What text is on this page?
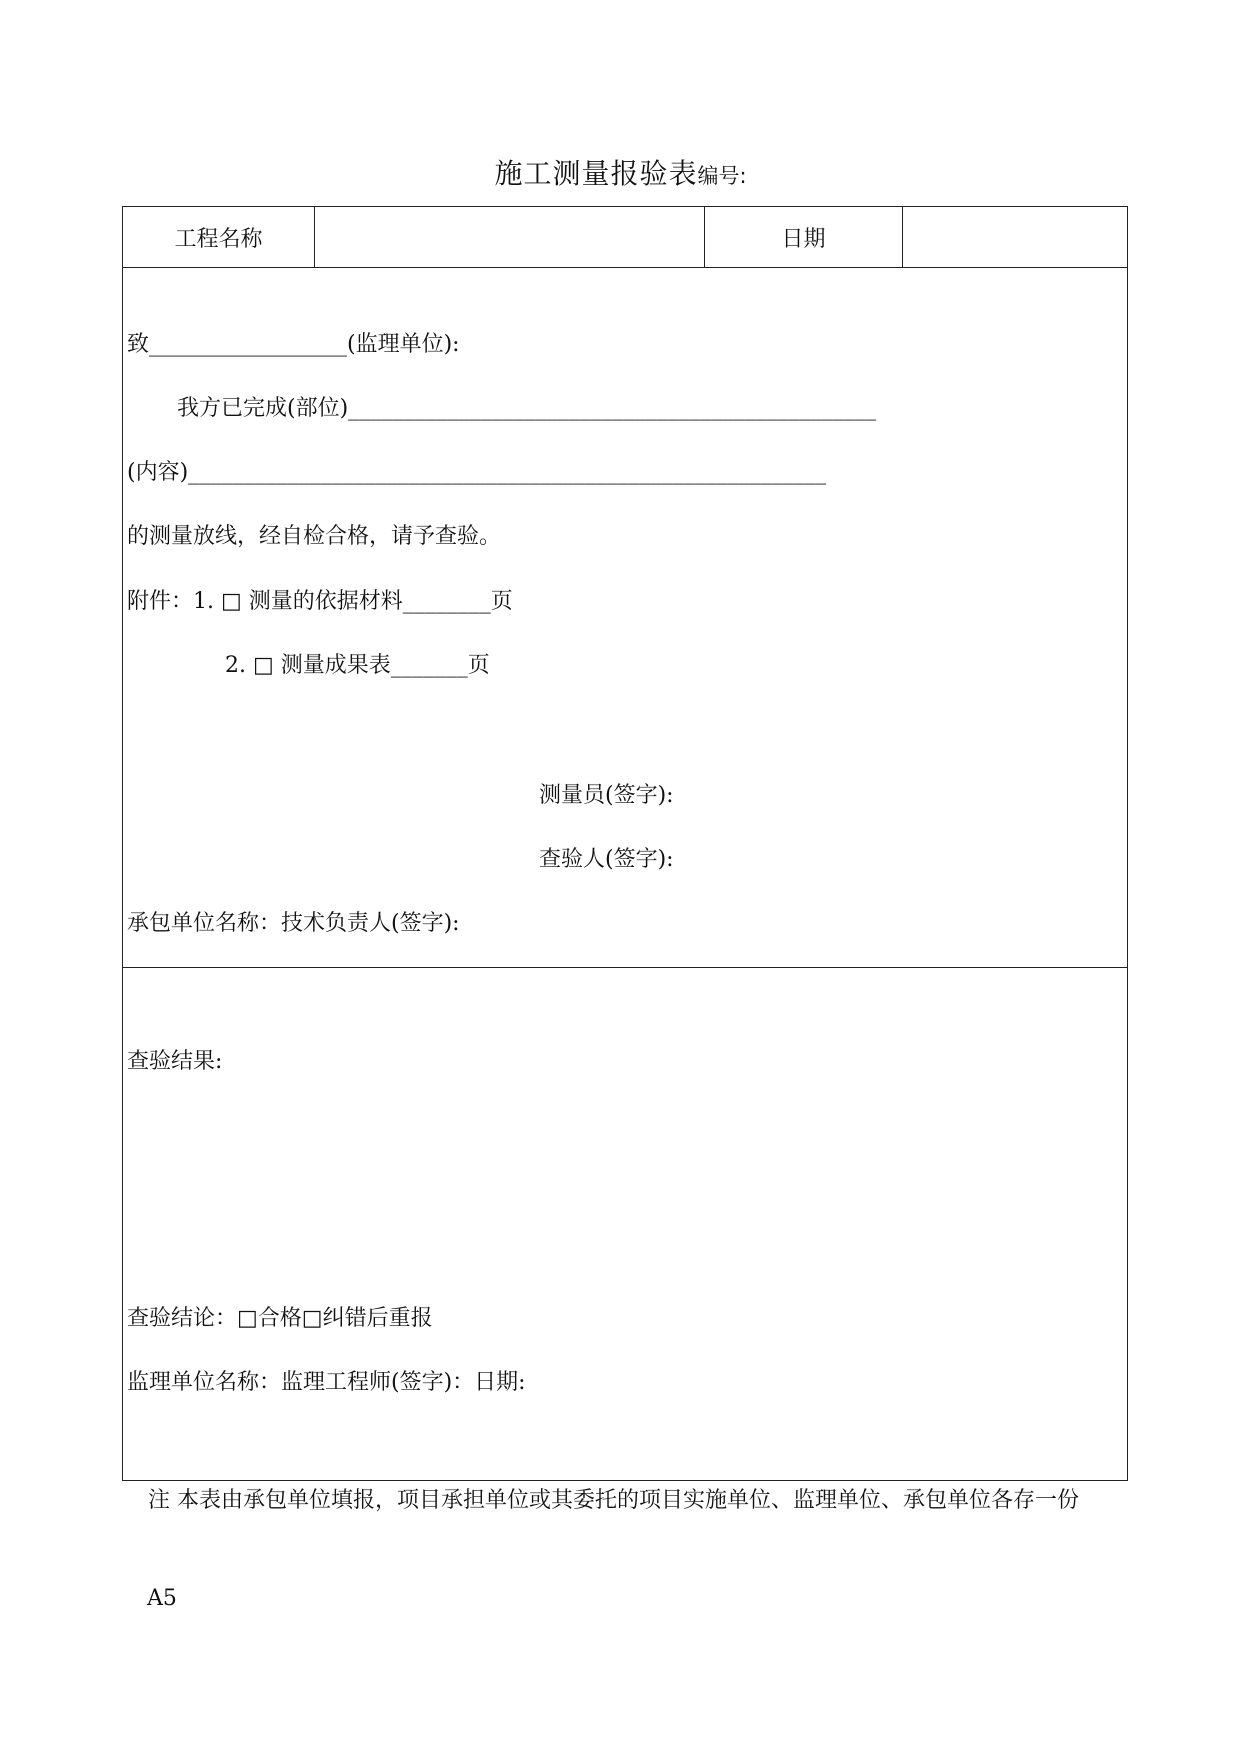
施工测量报验表编号:
工程名称	日期
致__________________(监理单位):
我方已完成(部位)________________________________________________
(内容)__________________________________________________________
的测量放线，经自检合格，请予查验。
附件：1. □ 测量的依据材料________页
2. □ 测量成果表_______页
测量员(签字):
查验人(签字):
承包单位名称：技术负责人(签字):
查验结果:
查验结论：□合格□纠错后重报
监理单位名称：监理工程师(签字)：日期:
注 本表由承包单位填报，项目承担单位或其委托的项目实施单位、监理单位、承包单位各存一份
A5
